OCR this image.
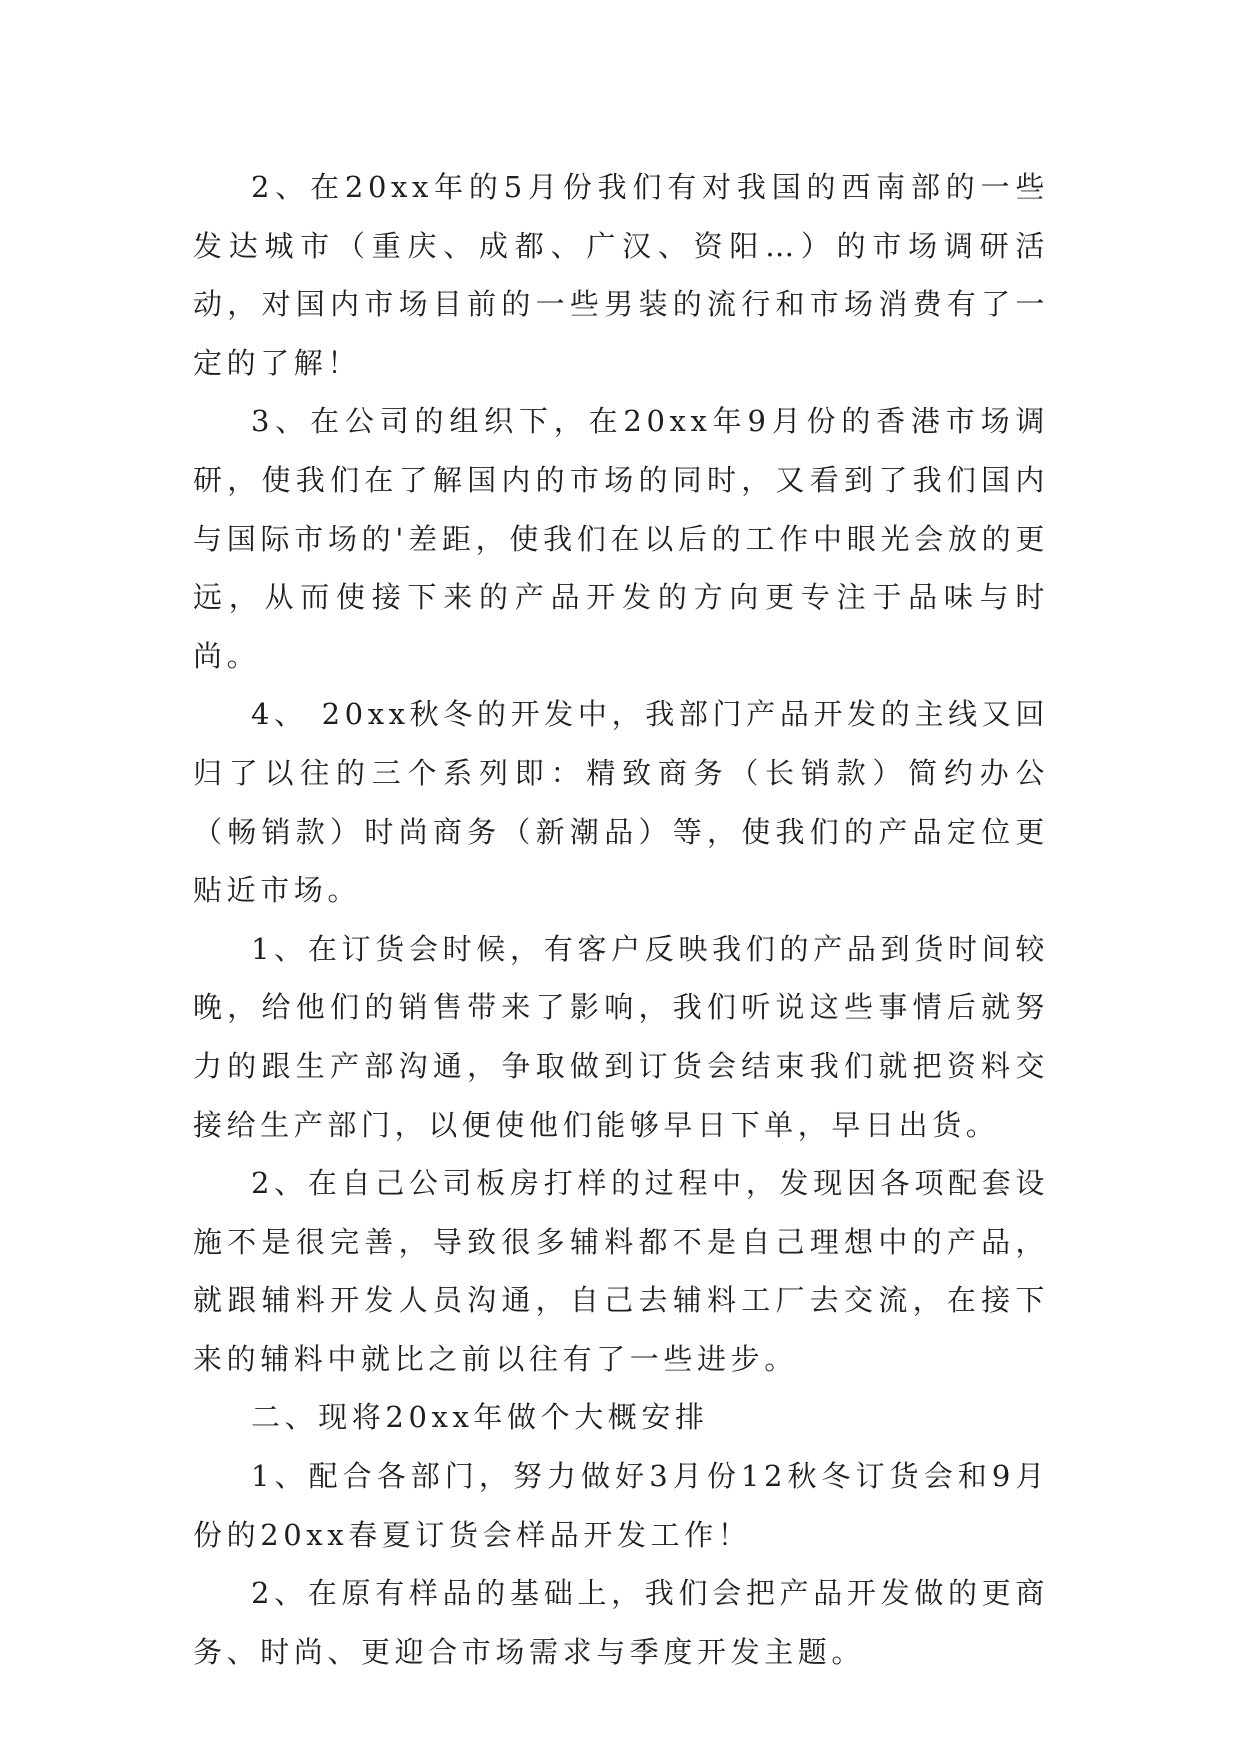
2、在20xx年的5月份我们有对我国的西南部的一些发达城市（重庆、成都、广汉、资阳…）的市场调研活动，对国内市场目前的一些男装的流行和市场消费有了一定的了解！

3、在公司的组织下，在20xx年9月份的香港市场调研，使我们在了解国内的市场的同时，又看到了我们国内与国际市场的'差距，使我们在以后的工作中眼光会放的更远，从而使接下来的产品开发的方向更专注于品味与时尚。

4、 20xx秋冬的开发中，我部门产品开发的主线又回归了以往的三个系列即：精致商务（长销款）简约办公（畅销款）时尚商务（新潮品）等，使我们的产品定位更贴近市场。

1、在订货会时候，有客户反映我们的产品到货时间较晚，给他们的销售带来了影响，我们听说这些事情后就努力的跟生产部沟通，争取做到订货会结束我们就把资料交接给生产部门，以便使他们能够早日下单，早日出货。

2、在自己公司板房打样的过程中，发现因各项配套设施不是很完善，导致很多辅料都不是自己理想中的产品，就跟辅料开发人员沟通，自己去辅料工厂去交流，在接下来的辅料中就比之前以往有了一些进步。

二、现将20xx年做个大概安排

1、配合各部门，努力做好3月份12秋冬订货会和9月份的20xx春夏订货会样品开发工作！

2、在原有样品的基础上，我们会把产品开发做的更商务、时尚、更迎合市场需求与季度开发主题。
